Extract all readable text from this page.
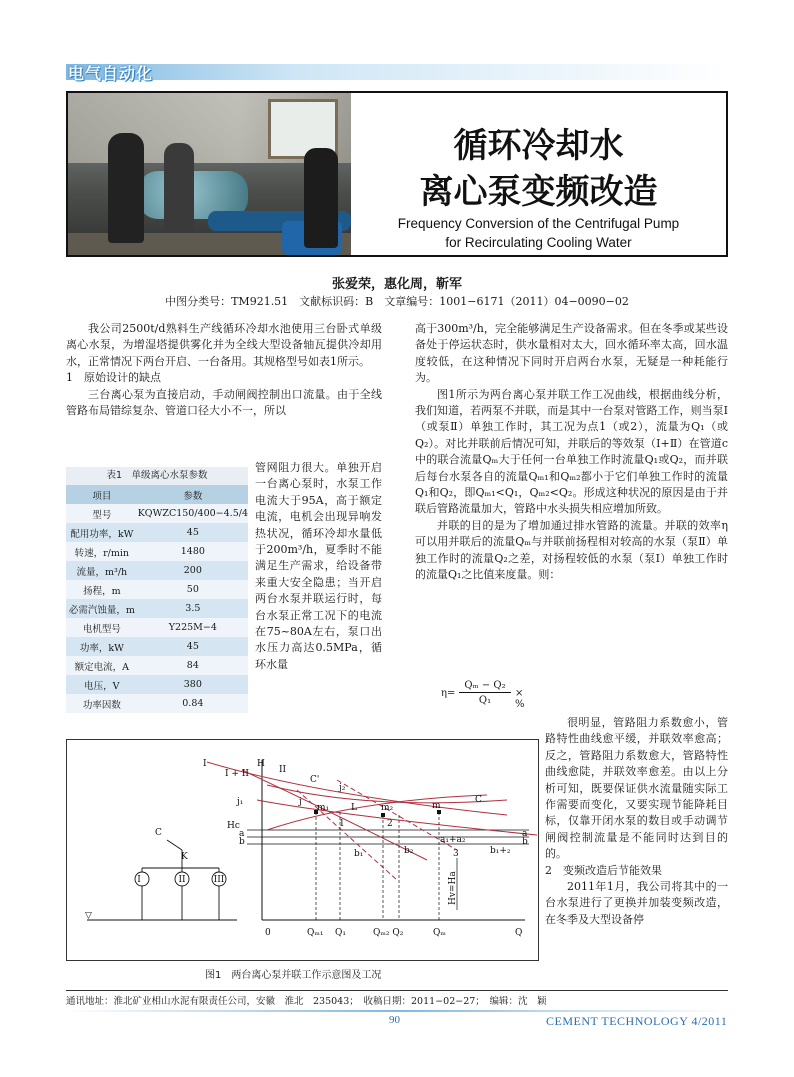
电气自动化
循环冷却水
离心泵变频改造
Frequency Conversion of the Centrifugal Pump
for Recirculating Cooling Water
张爱荣，惠化周，靳军
中图分类号：TM921.51　文献标识码：B　文章编号：1001−6171（2011）04−0090−02

我公司2500t/d熟料生产线循环冷却水池使用三台卧式单级离心水泵，为增湿塔提供雾化并为全线大型设备轴瓦提供冷却用水，正常情况下两台开启、一台备用。其规格型号如表1所示。

1　原始设计的缺点

三台离心泵为直接启动，手动闸阀控制出口流量。由于全线管路布局错综复杂、管道口径大小不一，所以

表1　单级离心水泵参数
项目	参数
型号	KQWZC150/400−4.5/4
配用功率，kW	45
转速，r/min	1480
流量，m³/h	200
扬程，m	50
必需汽蚀量，m	3.5
电机型号	Y225M−4
功率，kW	45
额定电流，A	84
电压，V	380
功率因数	0.84
管网阻力很大。单独开启一台离心泵时，水泵工作电流大于95A，高于额定电流，电机会出现异响发热状况，循环冷却水量低于200m³/h，夏季时不能满足生产需求，给设备带来重大安全隐患；当开启两台水泵并联运行时，每台水泵正常工况下的电流在75~80A左右，泵口出水压力高达0.5MPa，循环水量
高于300m³/h，完全能够满足生产设备需求。但在冬季或某些设备处于停运状态时，供水量相对太大，回水循环率太高，回水温度较低，在这种情况下同时开启两台水泵，无疑是一种耗能行为。

图1所示为两台离心泵并联工作工况曲线，根据曲线分析，我们知道，若两泵不并联，而是其中一台泵对管路工作，则当泵Ⅰ（或泵Ⅱ）单独工作时，其工况为点1（或2），流量为Q₁（或Q₂）。对比并联前后情况可知，并联后的等效泵（Ⅰ+Ⅱ）在管道c中的联合流量Qₘ大于任何一台单独工作时流量Q₁或Q₂，而并联后每台水泵各自的流量Qₘ₁和Qₘ₂都小于它们单独工作时的流量Q₁和Q₂，即Qₘ₁<Q₁，Qₘ₂<Q₂。形成这种状况的原因是由于并联后管路流量加大，管路中水头损失相应增加所致。

并联的目的是为了增加通过排水管路的流量。并联的效率η可以用并联后的流量Qₘ与并联前扬程相对较高的水泵（泵Ⅱ）单独工作时的流量Q₂之差，对扬程较低的水泵（泵Ⅰ）单独工作时的流量Q₁之比值来度量。则：

η=
Qₘ − Q₂
Q₁
× %

很明显，管路阻力系数愈小，管路特性曲线愈平缓，并联效率愈高；反之，管路阻力系数愈大，管路特性曲线愈陡，并联效率愈差。由以上分析可知，既要保证供水流量随实际工作需要而变化，又要实现节能降耗目标，仅靠开闭水泵的数目或手动调节闸阀控制流量是不能同时达到目的的。

2　变频改造后节能效果

2011年1月，我公司将其中的一台水泵进行了更换并加装变频改造，在冬季及大型设备停

I
I + II	II
H
Hc
C'
C
j₁
j₂
j
m₁ L	m₂	m
1	2
a
b
a
b
b₁	b₂
a₁+a₂
b₁+₂
3
Hv=Ha
0	Qₘ₁ Q₁	Qₘ₂ Q₂	Qₘ	Q
▽
I	II	III
K
C
图1　两台离心泵并联工作示意图及工况
通讯地址：淮北矿业相山水泥有限责任公司，安徽　淮北　235043；　收稿日期：2011−02−27；　编辑：沈　颖
90	CEMENT TECHNOLOGY 4/2011
